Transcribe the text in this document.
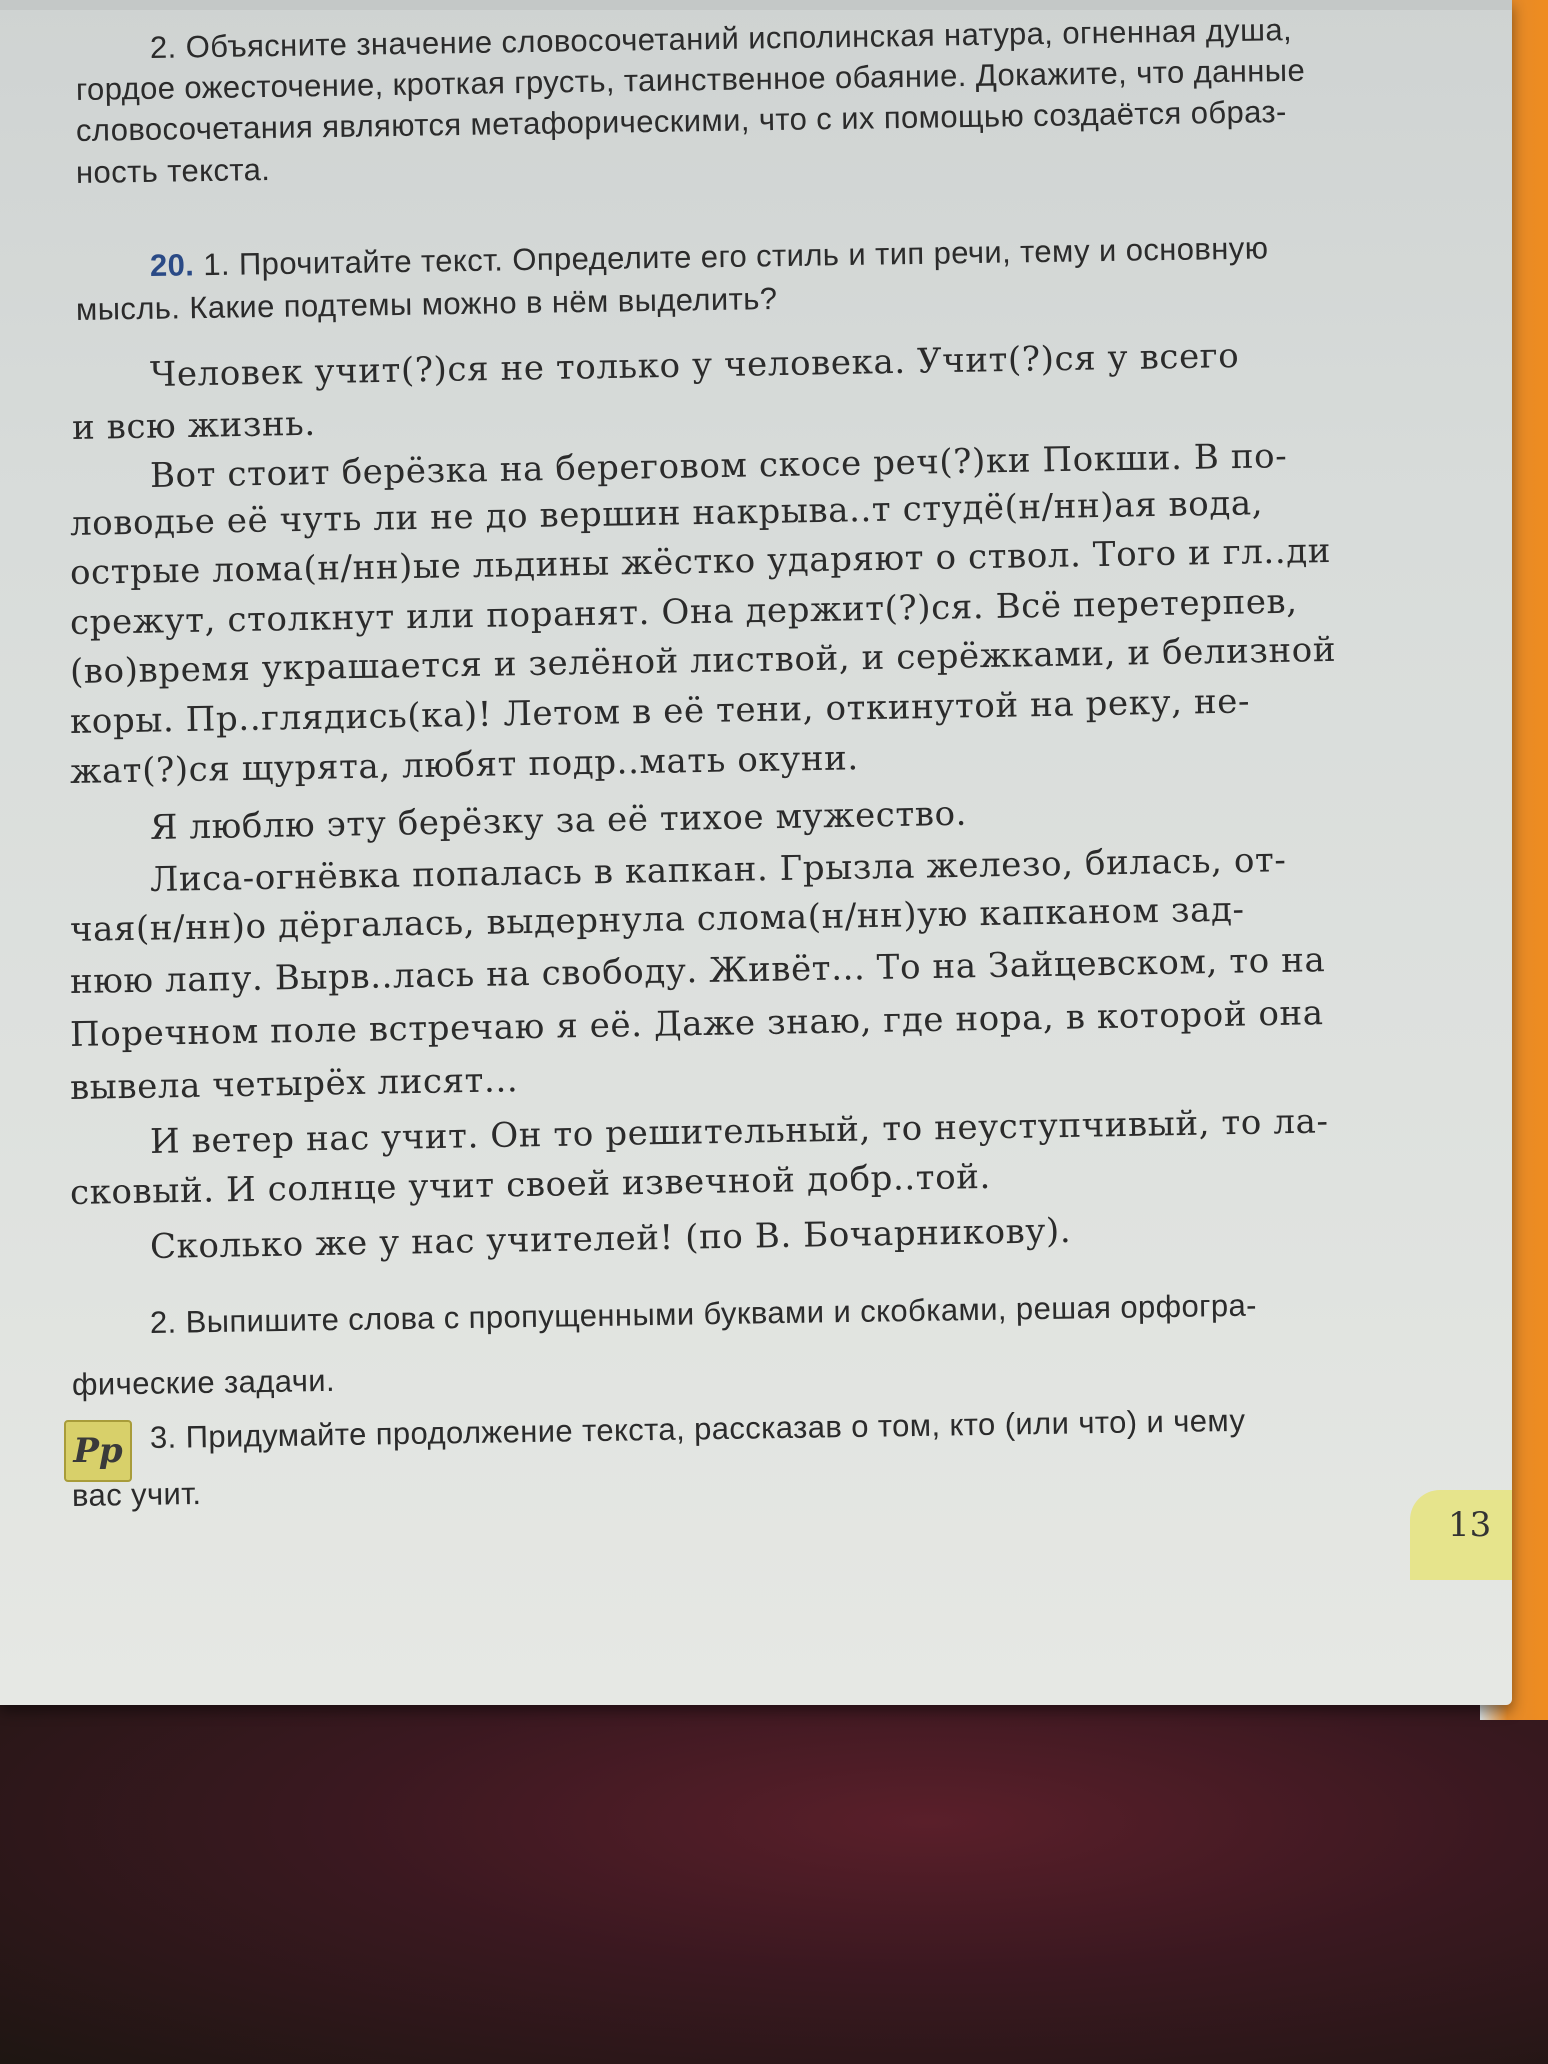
2. Объясните значение словосочетаний исполинская натура, огненная душа,
гордое ожесточение, кроткая грусть, таинственное обаяние. Докажите, что данные
словосочетания являются метафорическими, что с их помощью создаётся образ-
ность текста.
20. 1. Прочитайте текст. Определите его стиль и тип речи, тему и основную
мысль. Какие подтемы можно в нём выделить?
Человек учит(?)ся не только у человека. Учит(?)ся у всего
и всю жизнь.
Вот стоит берёзка на береговом скосе реч(?)ки Покши. В по-
ловодье её чуть ли не до вершин накрыва..т студё(н/нн)ая вода,
острые лома(н/нн)ые льдины жёстко ударяют о ствол. Того и гл..ди
срежут, столкнут или поранят. Она держит(?)ся. Всё перетерпев,
(во)время украшается и зелёной листвой, и серёжками, и белизной
коры. Пр..глядись(ка)! Летом в её тени, откинутой на реку, не-
жат(?)ся щурята, любят подр..мать окуни.
Я люблю эту берёзку за её тихое мужество.
Лиса-огнёвка попалась в капкан. Грызла железо, билась, от-
чая(н/нн)о дёргалась, выдернула слома(н/нн)ую капканом зад-
нюю лапу. Вырв..лась на свободу. Живёт... То на Зайцевском, то на
Поречном поле встречаю я её. Даже знаю, где нора, в которой она
вывела четырёх лисят...
И ветер нас учит. Он то решительный, то неуступчивый, то ла-
сковый. И солнце учит своей извечной добр..той.
Сколько же у нас учителей! (по В. Бочарникову).
2. Выпишите слова с пропущенными буквами и скобками, решая орфогра-
фические задачи.
Рр 3. Придумайте продолжение текста, рассказав о том, кто (или что) и чему
вас учит.
13
